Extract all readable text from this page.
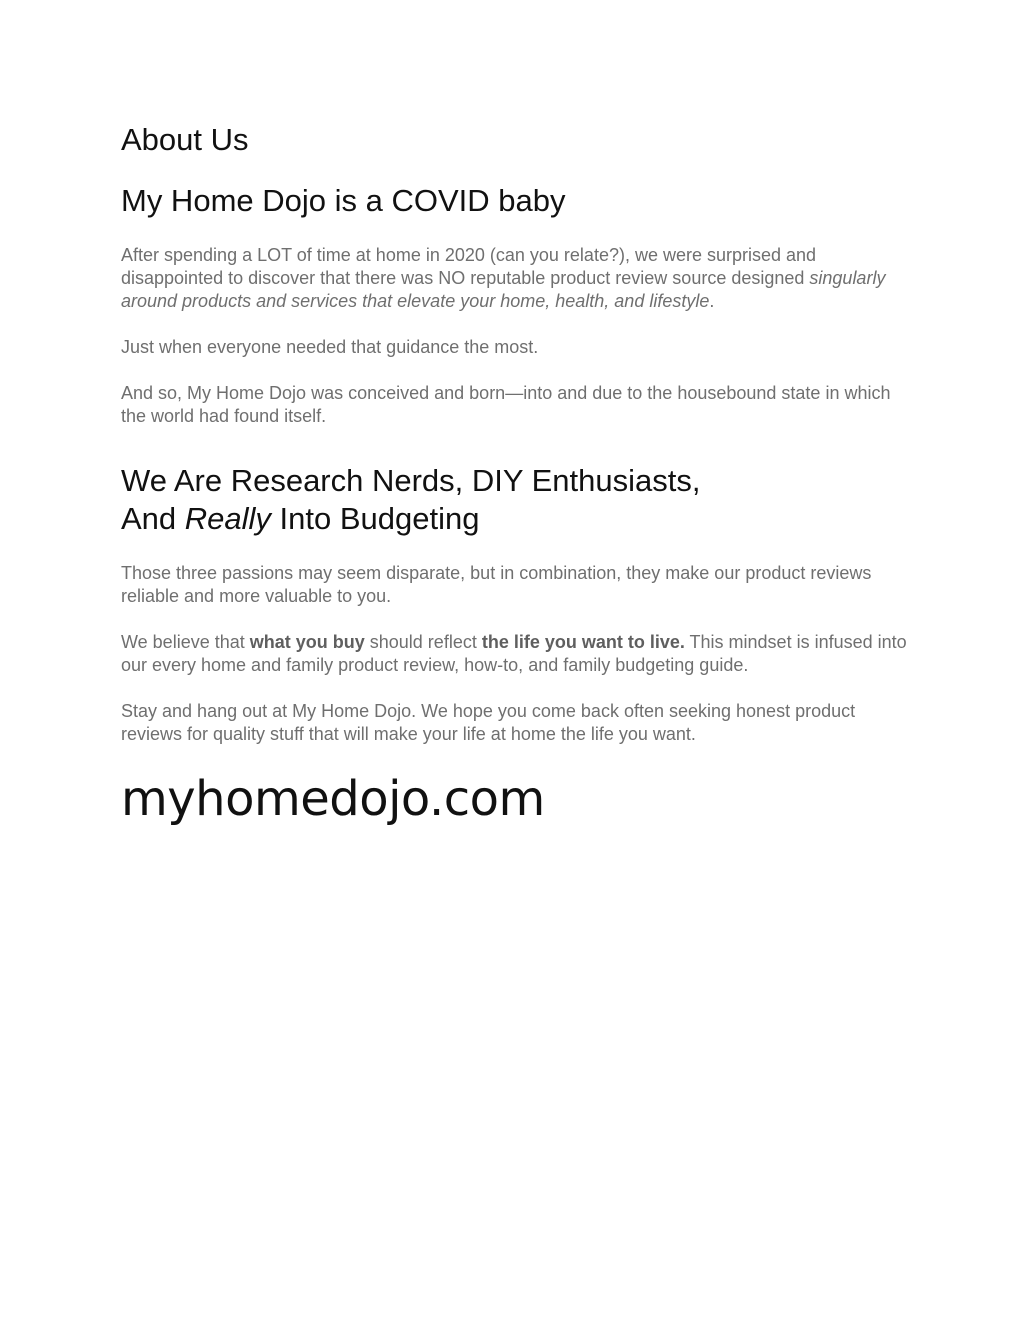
About Us
My Home Dojo is a COVID baby

After spending a LOT of time at home in 2020 (can you relate?), we were surprised and disappointed to discover that there was NO reputable product review source designed singularly around products and services that elevate your home, health, and lifestyle.

Just when everyone needed that guidance the most.

And so, My Home Dojo was conceived and born—into and due to the housebound state in which the world had found itself.

We Are Research Nerds, DIY Enthusiasts,
And Really Into Budgeting

Those three passions may seem disparate, but in combination, they make our product reviews reliable and more valuable to you.

We believe that what you buy should reflect the life you want to live. This mindset is infused into our every home and family product review, how-to, and family budgeting guide.

Stay and hang out at My Home Dojo. We hope you come back often seeking honest product reviews for quality stuff that will make your life at home the life you want.

myhomedojo.com
